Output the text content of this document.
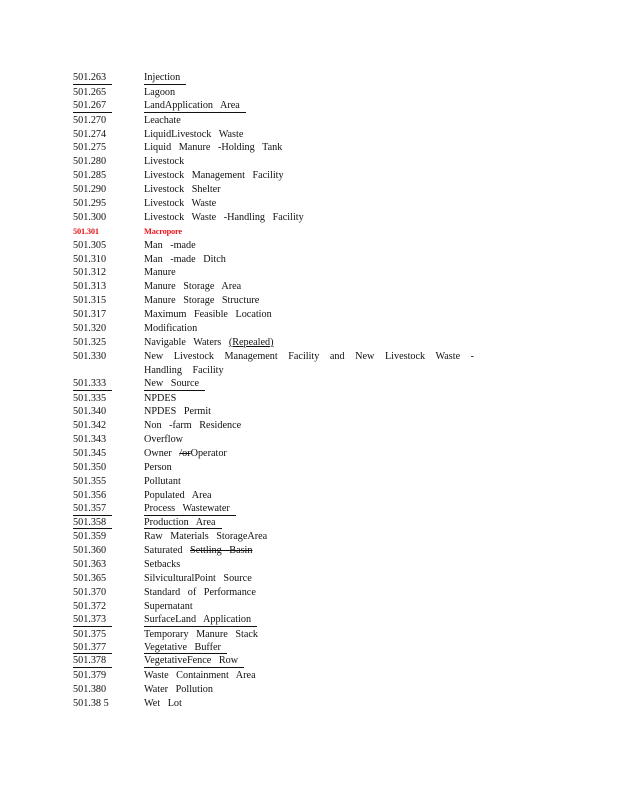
501.263	Injection
501.265	Lagoon
501.267	LandApplication Area
501.270	Leachate
501.274	LiquidLivestock Waste
501.275	Liquid Manure -Holding Tank
501.280	Livestock
501.285	Livestock Management Facility
501.290	Livestock Shelter
501.295	Livestock Waste
501.300	Livestock Waste -Handling Facility
501.301	Macropore
501.305	Man -made
501.310	Man -made Ditch
501.312	Manure
501.313	Manure Storage Area
501.315	Manure Storage Structure
501.317	Maximum Feasible Location
501.320	Modification
501.325	Navigable Waters (Repealed)
501.330	New Livestock Management Facility and New Livestock Waste - Handling Facility
501.333	New Source
501.335	NPDES
501.340	NPDES Permit
501.342	Non -farm Residence
501.343	Overflow
501.345	Owner /orOperator
501.350	Person
501.355	Pollutant
501.356	Populated Area
501.357	Process Wastewater
501.358	Production Area
501.359	Raw Materials StorageArea
501.360	Saturated Settling Basin
501.363	Setbacks
501.365	SilviculturalPoint Source
501.370	Standard of Performance
501.372	Supernatant
501.373	SurfaceLand Application
501.375	Temporary Manure Stack
501.377	Vegetative Buffer
501.378	VegetativeFence Row
501.379	Waste Containment Area
501.380	Water Pollution
501.38 5	Wet Lot
